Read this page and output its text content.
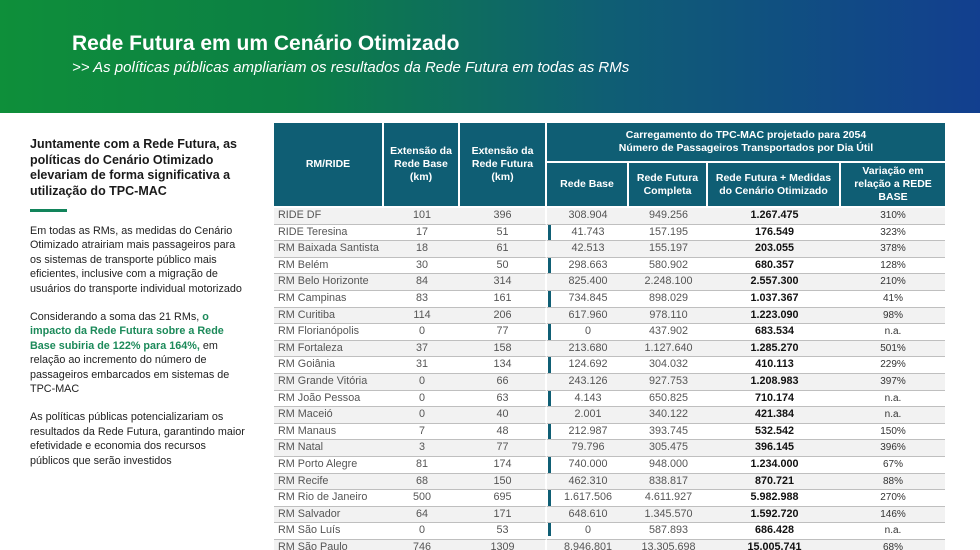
Rede Futura em um Cenário Otimizado
>> As políticas públicas ampliariam os resultados da Rede Futura em todas as RMs
Juntamente com a Rede Futura, as políticas do Cenário Otimizado elevariam de forma significativa a utilização do TPC-MAC

Em todas as RMs, as medidas do Cenário Otimizado atrairiam mais passageiros para os sistemas de transporte público mais eficientes, inclusive com a migração de usuários do transporte individual motorizado

Considerando a soma das 21 RMs, o impacto da Rede Futura sobre a Rede Base subiria de 122% para 164%, em relação ao incremento do número de passageiros embarcados em sistemas de TPC-MAC

As políticas públicas potencializariam os resultados da Rede Futura, garantindo maior efetividade e economia dos recursos públicos que serão investidos

RM/RIDE	Extensão da Rede Base (km)	Extensão da Rede Futura (km)	Carregamento do TPC-MAC projetado para 2054
Número de Passageiros Transportados por Dia Útil			

			Rede Base	Rede Futura Completa	Rede Futura + Medidas do Cenário Otimizado	Variação em relação a REDE BASE
RIDE DF	101	396	308.904	949.256	1.267.475	310%
RIDE Teresina	17	51	41.743	157.195	176.549	323%
RM Baixada Santista	18	61	42.513	155.197	203.055	378%
RM Belém	30	50	298.663	580.902	680.357	128%
RM Belo Horizonte	84	314	825.400	2.248.100	2.557.300	210%
RM Campinas	83	161	734.845	898.029	1.037.367	41%
RM Curitiba	114	206	617.960	978.110	1.223.090	98%
RM Florianópolis	0	77	0	437.902	683.534	n.a.
RM Fortaleza	37	158	213.680	1.127.640	1.285.270	501%
RM Goiânia	31	134	124.692	304.032	410.113	229%
RM Grande Vitória	0	66	243.126	927.753	1.208.983	397%
RM João Pessoa	0	63	4.143	650.825	710.174	n.a.
RM Maceió	0	40	2.001	340.122	421.384	n.a.
RM Manaus	7	48	212.987	393.745	532.542	150%
RM Natal	3	77	79.796	305.475	396.145	396%
RM Porto Alegre	81	174	740.000	948.000	1.234.000	67%
RM Recife	68	150	462.310	838.817	870.721	88%
RM Rio de Janeiro	500	695	1.617.506	4.611.927	5.982.988	270%
RM Salvador	64	171	648.610	1.345.570	1.592.720	146%
RM São Luís	0	53	0	587.893	686.428	n.a.
RM São Paulo	746	1309	8.946.801	13.305.698	15.005.741	68%
